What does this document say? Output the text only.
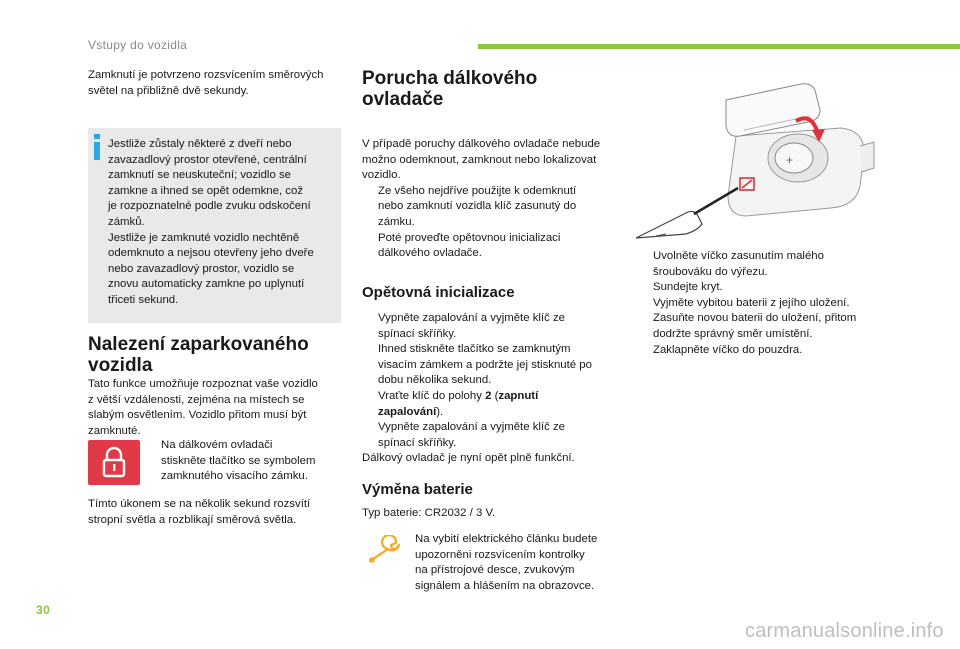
Vstupy do vozidla
Zamknutí je potvrzeno rozsvícením směrových
světel na přibližně dvě sekundy.
Jestliže zůstaly některé z dveří nebo
zavazadlový prostor otevřené, centrální
zamknutí se neuskuteční; vozidlo se
zamkne a ihned se opět odemkne, což
je rozpoznatelné podle zvuku odskočení
zámků.
Jestliže je zamknuté vozidlo nechtěně
odemknuto a nejsou otevřeny jeho dveře
nebo zavazadlový prostor, vozidlo se
znovu automaticky zamkne po uplynutí
třiceti sekund.
Nalezení zaparkovaného
vozidla
Tato funkce umožňuje rozpoznat vaše vozidlo
z větší vzdálenosti, zejména na místech se
slabým osvětlením. Vozidlo přitom musí být
zamknuté.
Na dálkovém ovladači
stiskněte tlačítko se symbolem
zamknutého visacího zámku.
Tímto úkonem se na několik sekund rozsvítí
stropní světla a rozblikají směrová světla.
Porucha dálkového
ovladače
V případě poruchy dálkového ovladače nebude
možno odemknout, zamknout nebo lokalizovat
vozidlo.
Ze všeho nejdříve použijte k odemknutí
nebo zamknutí vozidla klíč zasunutý do
zámku.
Poté proveďte opětovnou inicializaci
dálkového ovladače.
Opětovná inicializace
Vypněte zapalování a vyjměte klíč ze
spínací skříňky.
Ihned stiskněte tlačítko se zamknutým
visacím zámkem a podržte jej stisknuté po
dobu několika sekund.
Vraťte klíč do polohy 2 (zapnutí
zapalování).
Vypněte zapalování a vyjměte klíč ze
spínací skříňky.
Dálkový ovladač je nyní opět plně funkční.
Výměna baterie
Typ baterie: CR2032 / 3 V.
Na vybití elektrického článku budete
upozorněni rozsvícením kontrolky
na přístrojové desce, zvukovým
signálem a hlášením na obrazovce.
+
Uvolněte víčko zasunutím malého
šroubováku do výřezu.
Sundejte kryt.
Vyjměte vybitou baterii z jejího uložení.
Zasuňte novou baterii do uložení, přitom
dodržte správný směr umístění.
Zaklapněte víčko do pouzdra.
30
carmanualsonline.info
